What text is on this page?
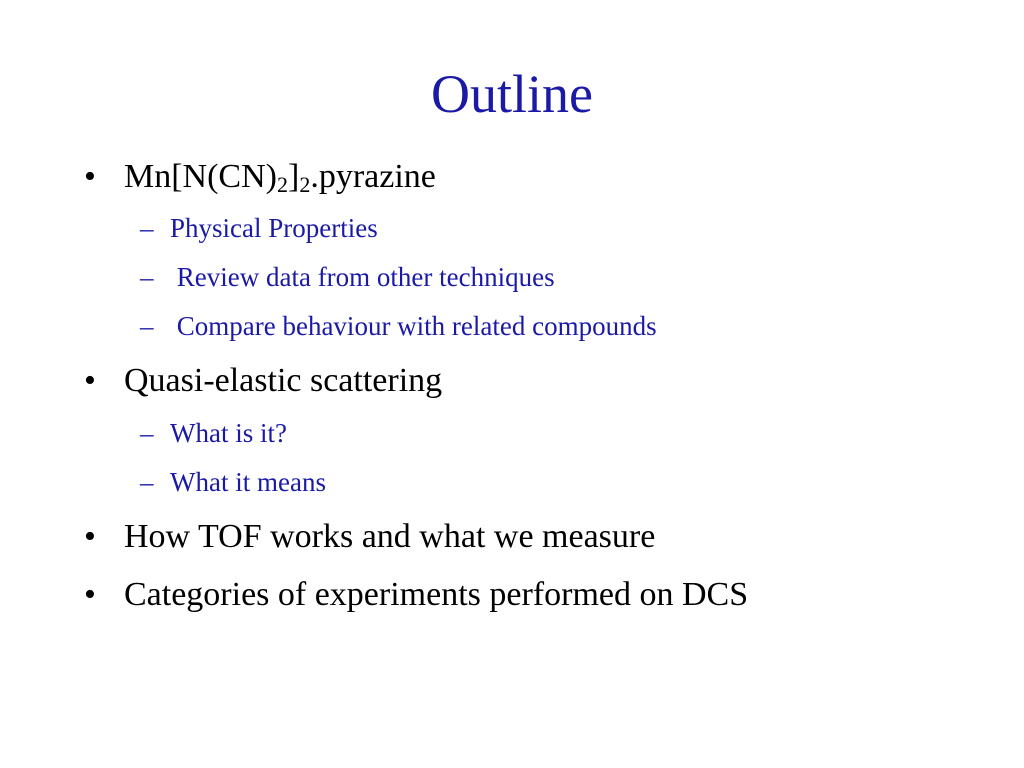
Outline
• $Mn[N(CN)_2]_2.pyrazine$
– Physical Properties
– Review data from other techniques
– Compare behaviour with related compounds
• Quasi-elastic scattering
– What is it?
– What it means
• How TOF works and what we measure
• Categories of experiments performed on DCS
